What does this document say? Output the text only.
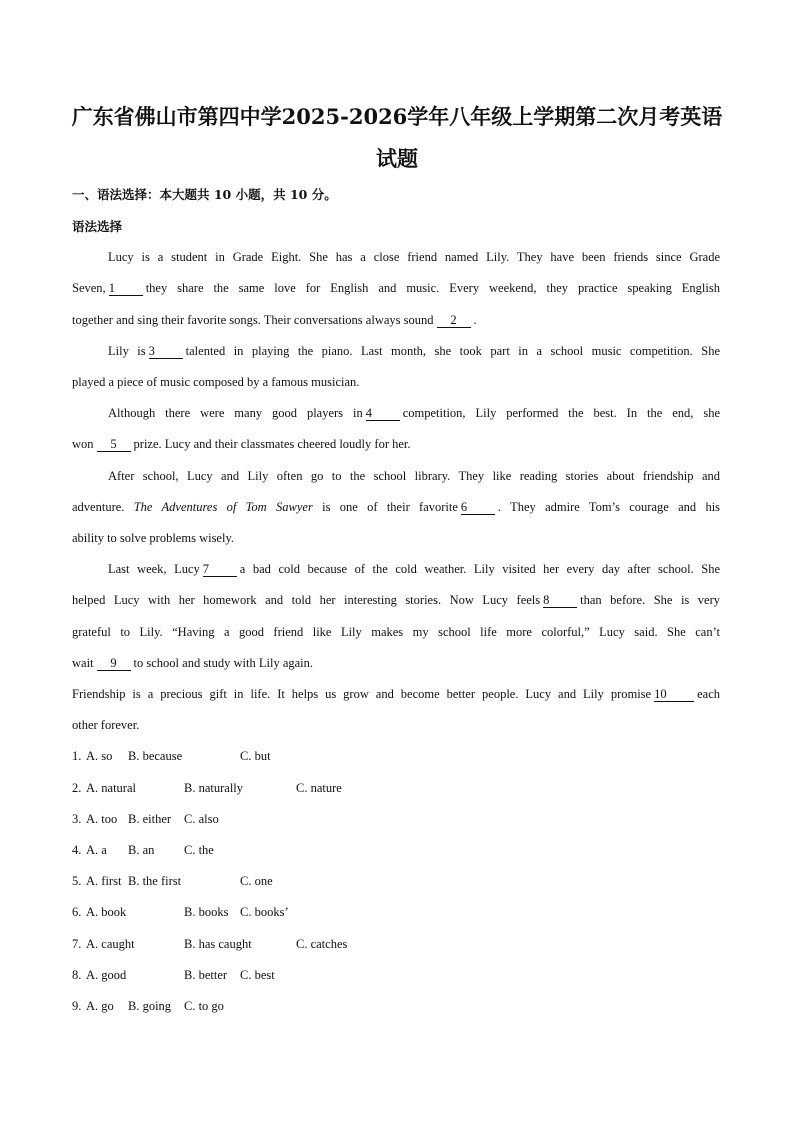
广东省佛山市第四中学2025-2026学年八年级上学期第二次月考英语
试题
一、语法选择：本大题共 10 小题，共 10 分。
语法选择
Lucy is a student in Grade Eight. She has a close friend named Lily. They have been friends since Grade
Seven, 1 they share the same love for English and music. Every weekend, they practice speaking English
together and sing their favorite songs. Their conversations always sound 2 .
Lily is 3 talented in playing the piano. Last month, she took part in a school music competition. She
played a piece of music composed by a famous musician.
Although there were many good players in 4 competition, Lily performed the best. In the end, she
won 5 prize. Lucy and their classmates cheered loudly for her.
After school, Lucy and Lily often go to the school library. They like reading stories about friendship and
adventure. The Adventures of Tom Sawyer is one of their favorite 6 . They admire Tom’s courage and his
ability to solve problems wisely.
Last week, Lucy 7 a bad cold because of the cold weather. Lily visited her every day after school. She
helped Lucy with her homework and told her interesting stories. Now Lucy feels 8 than before. She is very
grateful to Lily. “Having a good friend like Lily makes my school life more colorful,” Lucy said. She can’t
wait 9 to school and study with Lily again.
Friendship is a precious gift in life. It helps us grow and become better people. Lucy and Lily promise 10 each
other forever.
1. A. so B. because	C. but
2. A. natural	B. naturally	C. nature
3. A. too B. either C. also
4. A. a B. an C. the
5. A. first B. the first	C. one
6. A. book	B. books C. books’
7. A. caught	B. has caught	C. catches
8. A. good	B. better C. best
9. A. go B. going C. to go
